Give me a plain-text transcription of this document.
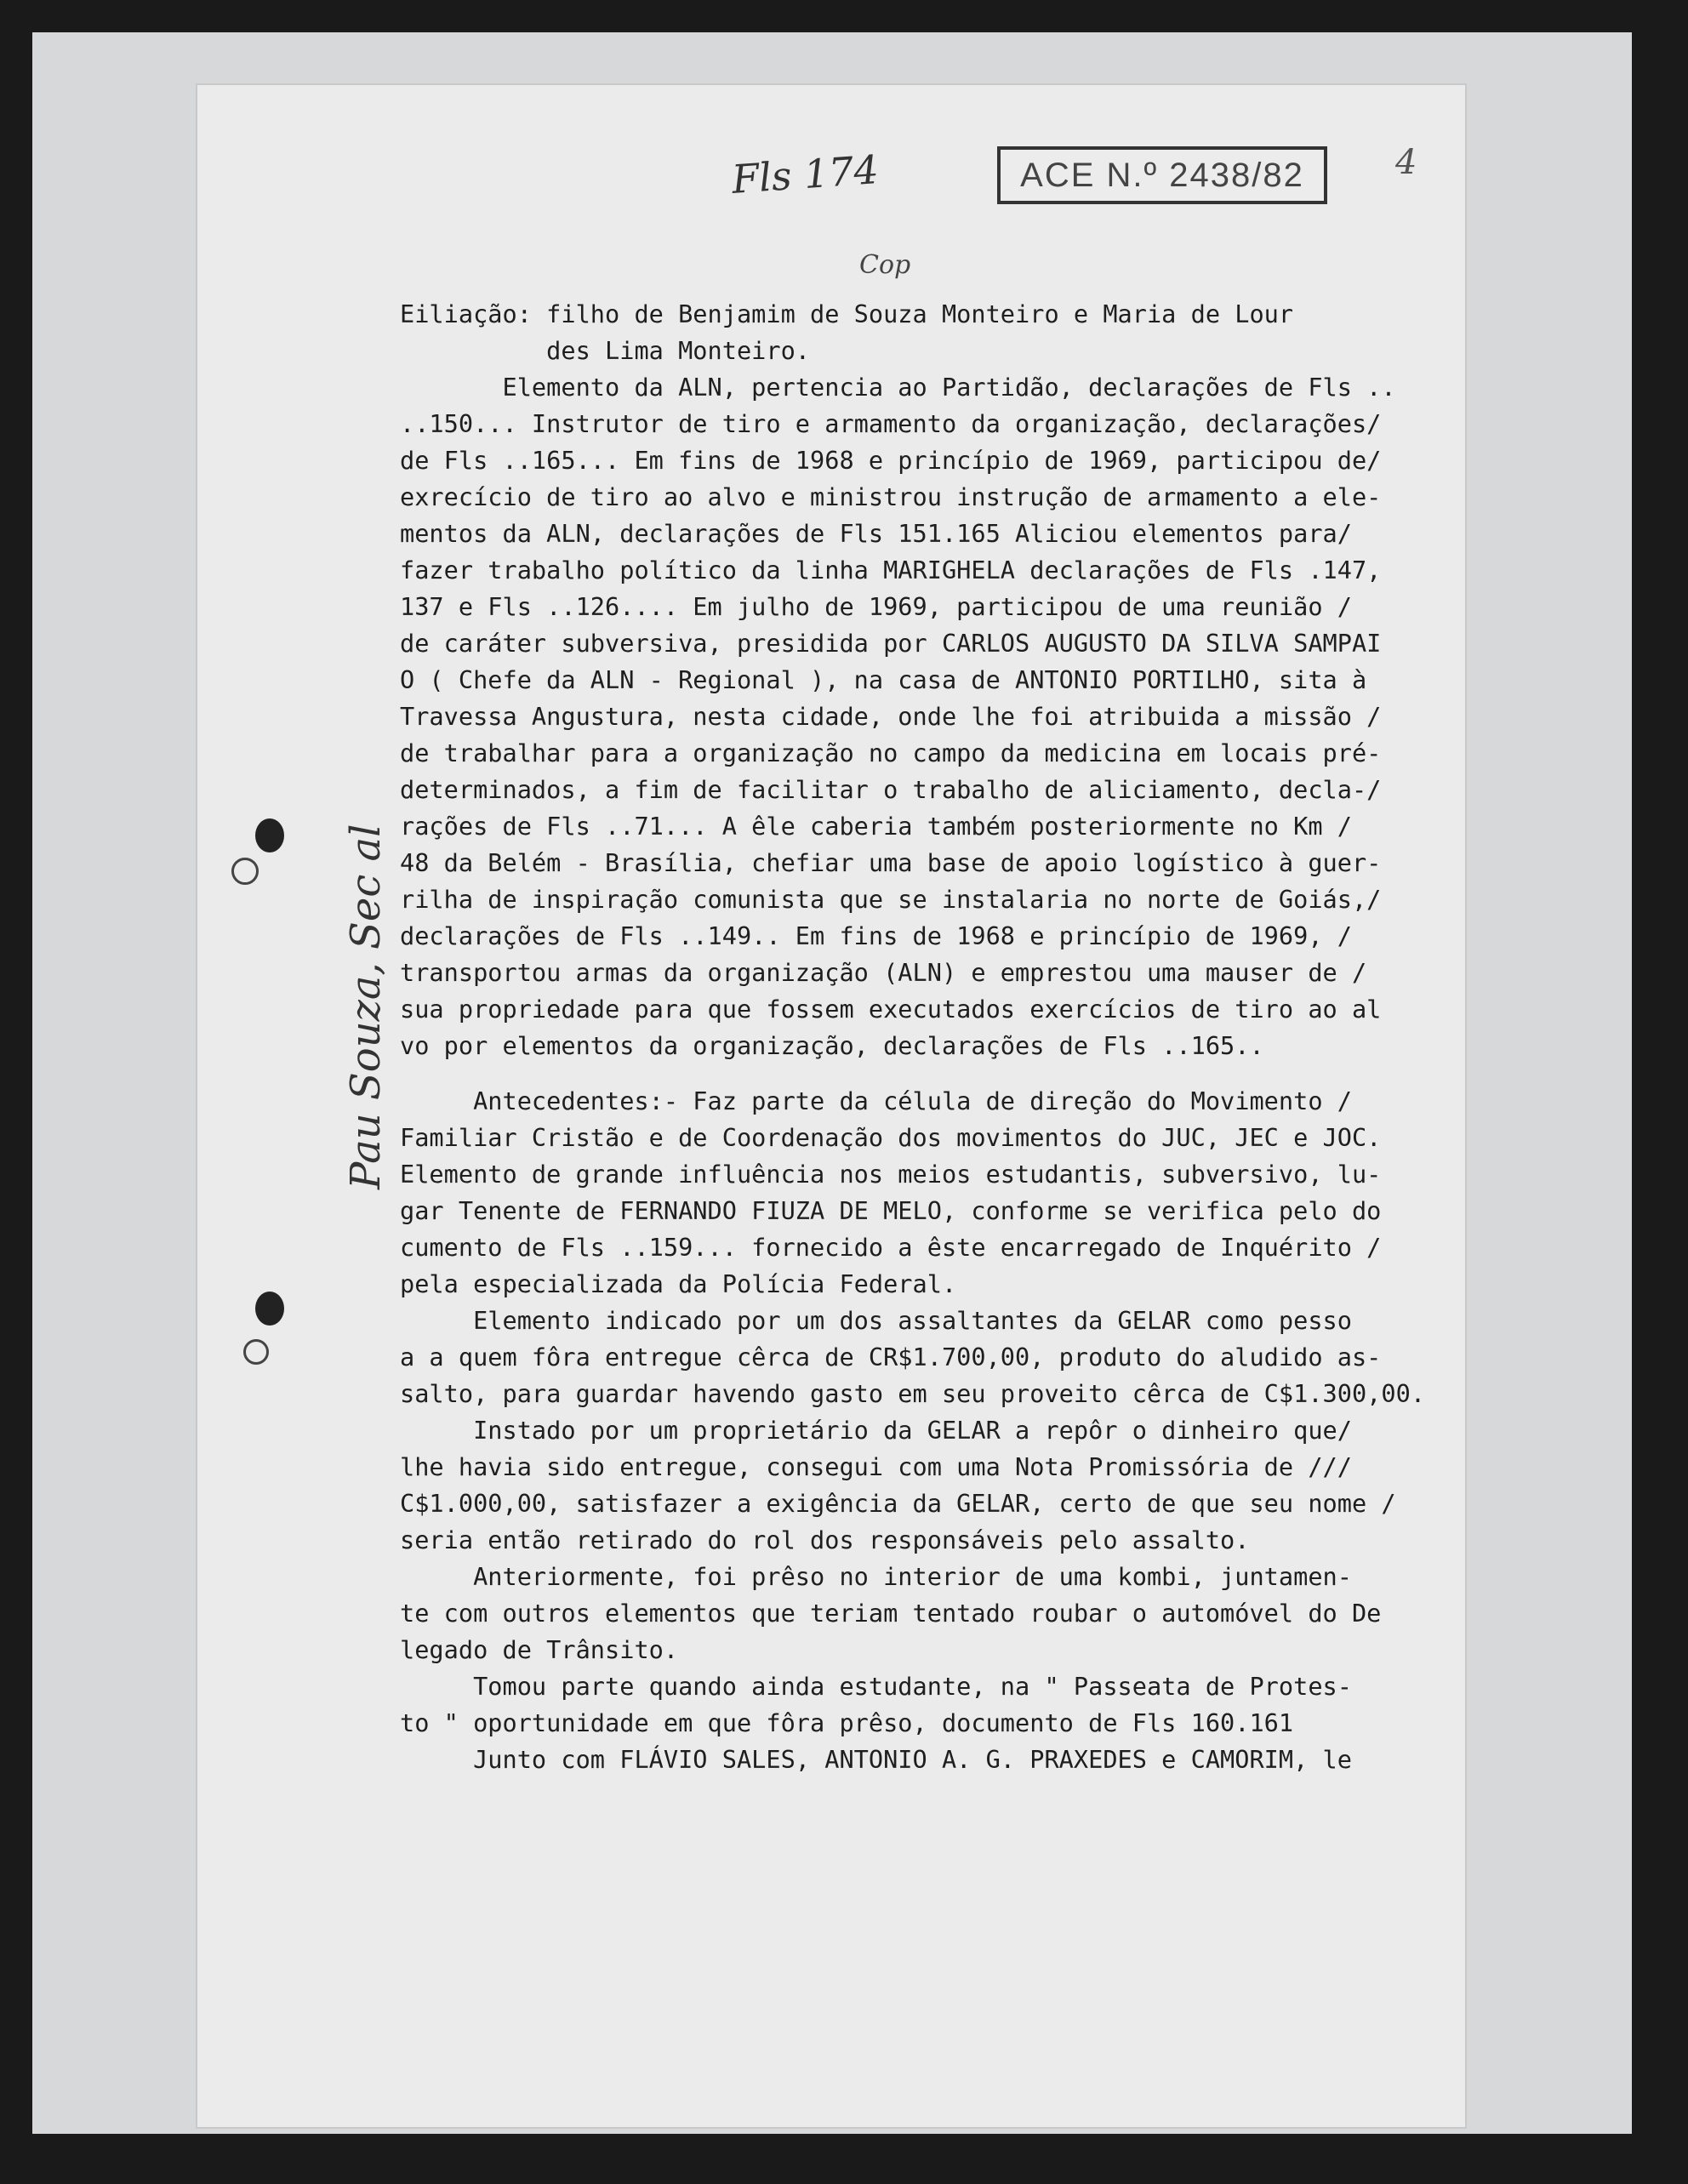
Fls 174
Cop
ACE N.º 2438/82	4
Pau Souza, Sec al
Eiliação: filho de Benjamim de Souza Monteiro e Maria de Lour
des Lima Monteiro.
Elemento da ALN, pertencia ao Partidão, declarações de Fls ..
..150... Instrutor de tiro e armamento da organização, declarações/
de Fls ..165... Em fins de 1968 e princípio de 1969, participou de/
exrecício de tiro ao alvo e ministrou instrução de armamento a ele-
mentos da ALN, declarações de Fls 151.165 Aliciou elementos para/
fazer trabalho político da linha MARIGHELA declarações de Fls .147,
137 e Fls ..126.... Em julho de 1969, participou de uma reunião /
de caráter subversiva, presidida por CARLOS AUGUSTO DA SILVA SAMPAI
O ( Chefe da ALN - Regional ), na casa de ANTONIO PORTILHO, sita à
Travessa Angustura, nesta cidade, onde lhe foi atribuida a missão /
de trabalhar para a organização no campo da medicina em locais pré-
determinados, a fim de facilitar o trabalho de aliciamento, decla-/
rações de Fls ..71... A êle caberia também posteriormente no Km /
48 da Belém - Brasília, chefiar uma base de apoio logístico à guer-
rilha de inspiração comunista que se instalaria no norte de Goiás,/
declarações de Fls ..149.. Em fins de 1968 e princípio de 1969, /
transportou armas da organização (ALN) e emprestou uma mauser de /
sua propriedade para que fossem executados exercícios de tiro ao al
vo por elementos da organização, declarações de Fls ..165..
Antecedentes:- Faz parte da célula de direção do Movimento /
Familiar Cristão e de Coordenação dos movimentos do JUC, JEC e JOC.
Elemento de grande influência nos meios estudantis, subversivo, lu-
gar Tenente de FERNANDO FIUZA DE MELO, conforme se verifica pelo do
cumento de Fls ..159... fornecido a êste encarregado de Inquérito /
pela especializada da Polícia Federal.
Elemento indicado por um dos assaltantes da GELAR como pesso
a a quem fôra entregue cêrca de CR$1.700,00, produto do aludido as-
salto, para guardar havendo gasto em seu proveito cêrca de C$1.300,00.
Instado por um proprietário da GELAR a repôr o dinheiro que/
lhe havia sido entregue, consegui com uma Nota Promissória de ///
C$1.000,00, satisfazer a exigência da GELAR, certo de que seu nome /
seria então retirado do rol dos responsáveis pelo assalto.
Anteriormente, foi prêso no interior de uma kombi, juntamen-
te com outros elementos que teriam tentado roubar o automóvel do De
legado de Trânsito.
Tomou parte quando ainda estudante, na " Passeata de Protes-
to " oportunidade em que fôra prêso, documento de Fls 160.161
Junto com FLÁVIO SALES, ANTONIO A. G. PRAXEDES e CAMORIM, le
